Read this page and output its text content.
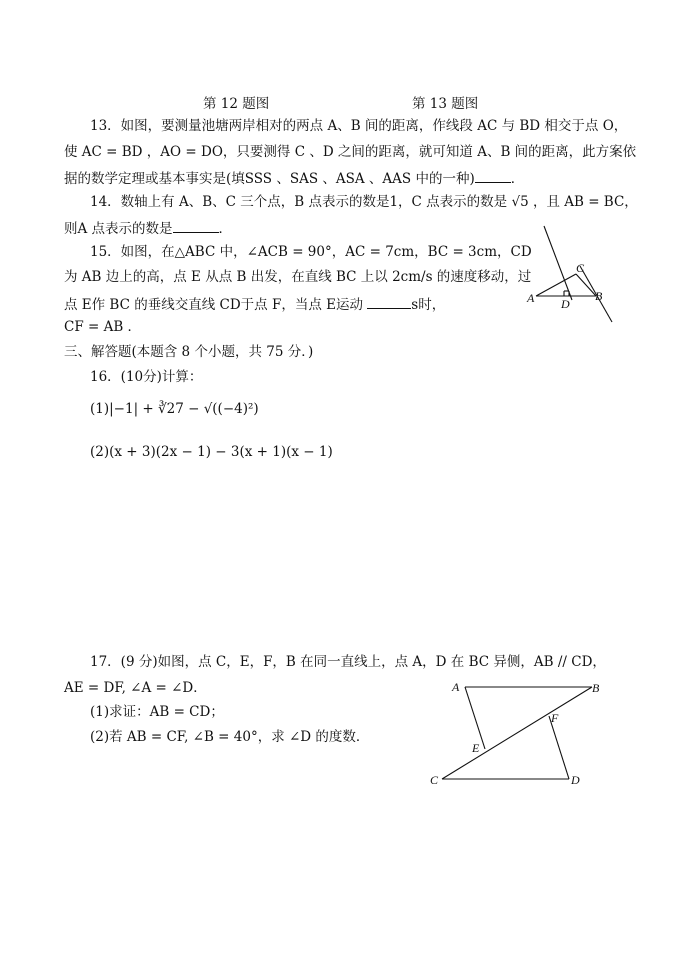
第 12 题图	第 13 题图
13．如图，要测量池塘两岸相对的两点 A、B 间的距离，作线段 AC 与 BD 相交于点 O，
使 AC = BD ，AO = DO，只要测得 C 、D 之间的距离，就可知道 A、B 间的距离，此方案依
据的数学定理或基本事实是(填SSS 、SAS 、ASA 、AAS 中的一种)	．
14．数轴上有 A、B、C 三个点，B 点表示的数是1，C 点表示的数是 √5 ，且 AB = BC，
则A 点表示的数是	．
15．如图，在△ABC 中，∠ACB = 90°，AC = 7cm，BC = 3cm，CD
为 AB 边上的高，点 E 从点 B 出发，在直线 BC 上以 2cm/s 的速度移动，过
点 E作 BC 的垂线交直线 CD于点 F，当点 E运动	s时，
CF = AB ．
C
A	B
D
三、解答题(本题含 8 个小题，共 75 分．)
16．(10分)计算：
(1)|−1| + ∛27 − √((−4)²)
(2)(x + 3)(2x − 1) − 3(x + 1)(x − 1)
17．(9 分)如图，点 C，E，F，B 在同一直线上，点 A，D 在 BC 异侧，AB // CD，
AE = DF, ∠A = ∠D．
(1)求证：AB = CD；
(2)若 AB = CF, ∠B = 40°，求 ∠D 的度数．
A	B
C	D
E
F
